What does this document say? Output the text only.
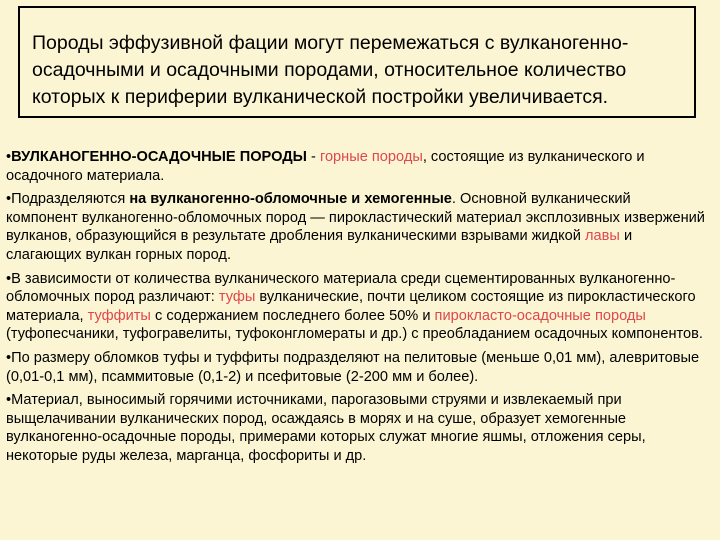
Породы эффузивной фации могут перемежаться с вулканогенно-осадочными и осадочными породами, относительное количество которых к периферии вулканической постройки увеличивается.

•ВУЛКАНОГЕННО-ОСАДОЧНЫЕ ПОРОДЫ - горные породы, состоящие из вулканического и осадочного материала.

•Подразделяются на вулканогенно-обломочные и хемогенные. Основной вулканический компонент вулканогенно-обломочных пород — пирокластический материал эксплозивных извержений вулканов, образующийся в результате дробления вулканическими взрывами жидкой лавы и слагающих вулкан горных пород.

•В зависимости от количества вулканического материала среди сцементированных вулканогенно-обломочных пород различают: туфы вулканические, почти целиком состоящие из пирокластического материала, туффиты с содержанием последнего более 50% и пирокласто-осадочные породы (туфопесчаники, туфогравелиты, туфоконгломераты и др.) с преобладанием осадочных компонентов.

•По размеру обломков туфы и туффиты подразделяют на пелитовые (меньше 0,01 мм), алевритовые (0,01-0,1 мм), псаммитовые (0,1-2) и псефитовые (2-200 мм и более).

•Материал, выносимый горячими источниками, парогазовыми струями и извлекаемый при выщелачивании вулканических пород, осаждаясь в морях и на суше, образует хемогенные вулканогенно-осадочные породы, примерами которых служат многие яшмы, отложения серы, некоторые руды железа, марганца, фосфориты и др.
